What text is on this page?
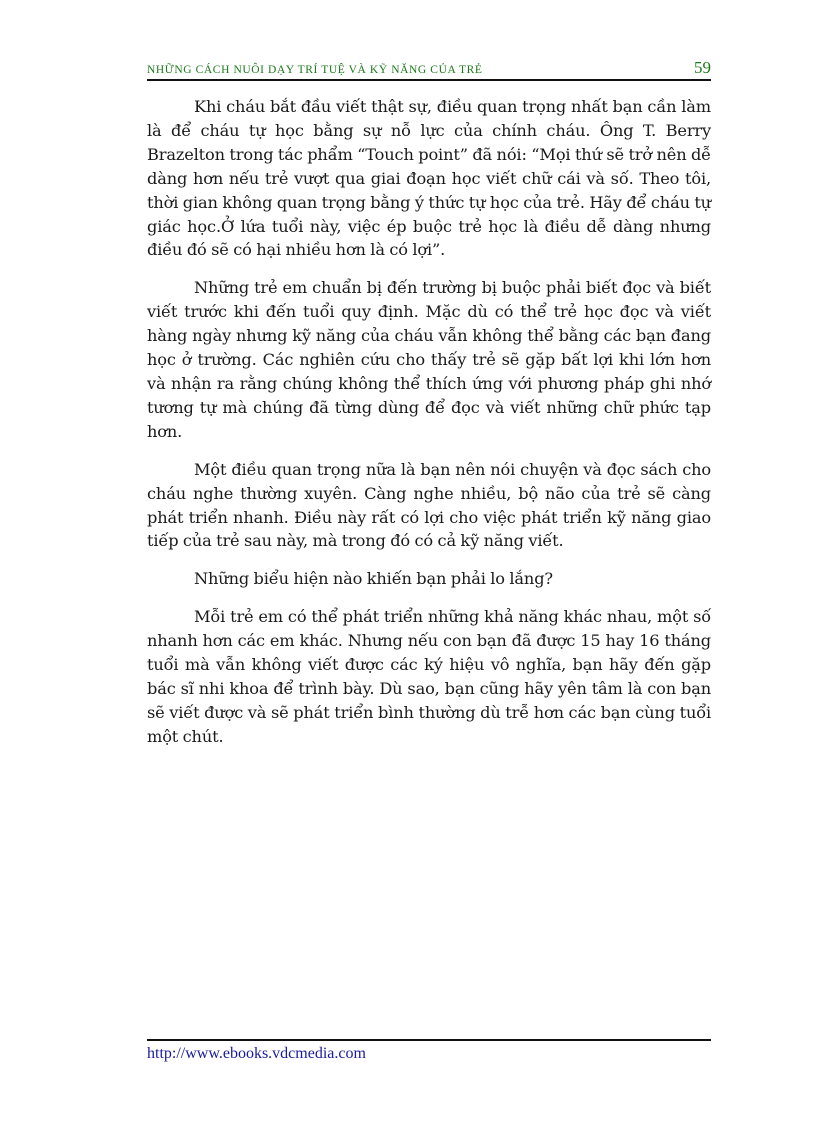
NHỮNG CÁCH NUÔI DẠY TRÍ TUỆ VÀ KỸ NĂNG CỦA TRẺ	59

Khi cháu bắt đầu viết thật sự, điều quan trọng nhất bạn cần làm là để cháu tự học bằng sự nỗ lực của chính cháu. Ông T. Berry Brazelton trong tác phẩm “Touch point” đã nói: “Mọi thứ sẽ trở nên dễ dàng hơn nếu trẻ vượt qua giai đoạn học viết chữ cái và số. Theo tôi, thời gian không quan trọng bằng ý thức tự học của trẻ. Hãy để cháu tự giác học.Ở lứa tuổi này, việc ép buộc trẻ học là điều dễ dàng nhưng điều đó sẽ có hại nhiều hơn là có lợi”.

Những trẻ em chuẩn bị đến trường bị buộc phải biết đọc và biết viết trước khi đến tuổi quy định. Mặc dù có thể trẻ học đọc và viết hàng ngày nhưng kỹ năng của cháu vẫn không thể bằng các bạn đang học ở trường. Các nghiên cứu cho thấy trẻ sẽ gặp bất lợi khi lớn hơn và nhận ra rằng chúng không thể thích ứng với phương pháp ghi nhớ tương tự mà chúng đã từng dùng để đọc và viết những chữ phức tạp hơn.

Một điều quan trọng nữa là bạn nên nói chuyện và đọc sách cho cháu nghe thường xuyên. Càng nghe nhiều, bộ não của trẻ sẽ càng phát triển nhanh. Điều này rất có lợi cho việc phát triển kỹ năng giao tiếp của trẻ sau này, mà trong đó có cả kỹ năng viết.

Những biểu hiện nào khiến bạn phải lo lắng?

Mỗi trẻ em có thể phát triển những khả năng khác nhau, một số nhanh hơn các em khác. Nhưng nếu con bạn đã được 15 hay 16 tháng tuổi mà vẫn không viết được các ký hiệu vô nghĩa, bạn hãy đến gặp bác sĩ nhi khoa để trình bày. Dù sao, bạn cũng hãy yên tâm là con bạn sẽ viết được và sẽ phát triển bình thường dù trễ hơn các bạn cùng tuổi một chút.

http://www.ebooks.vdcmedia.com
